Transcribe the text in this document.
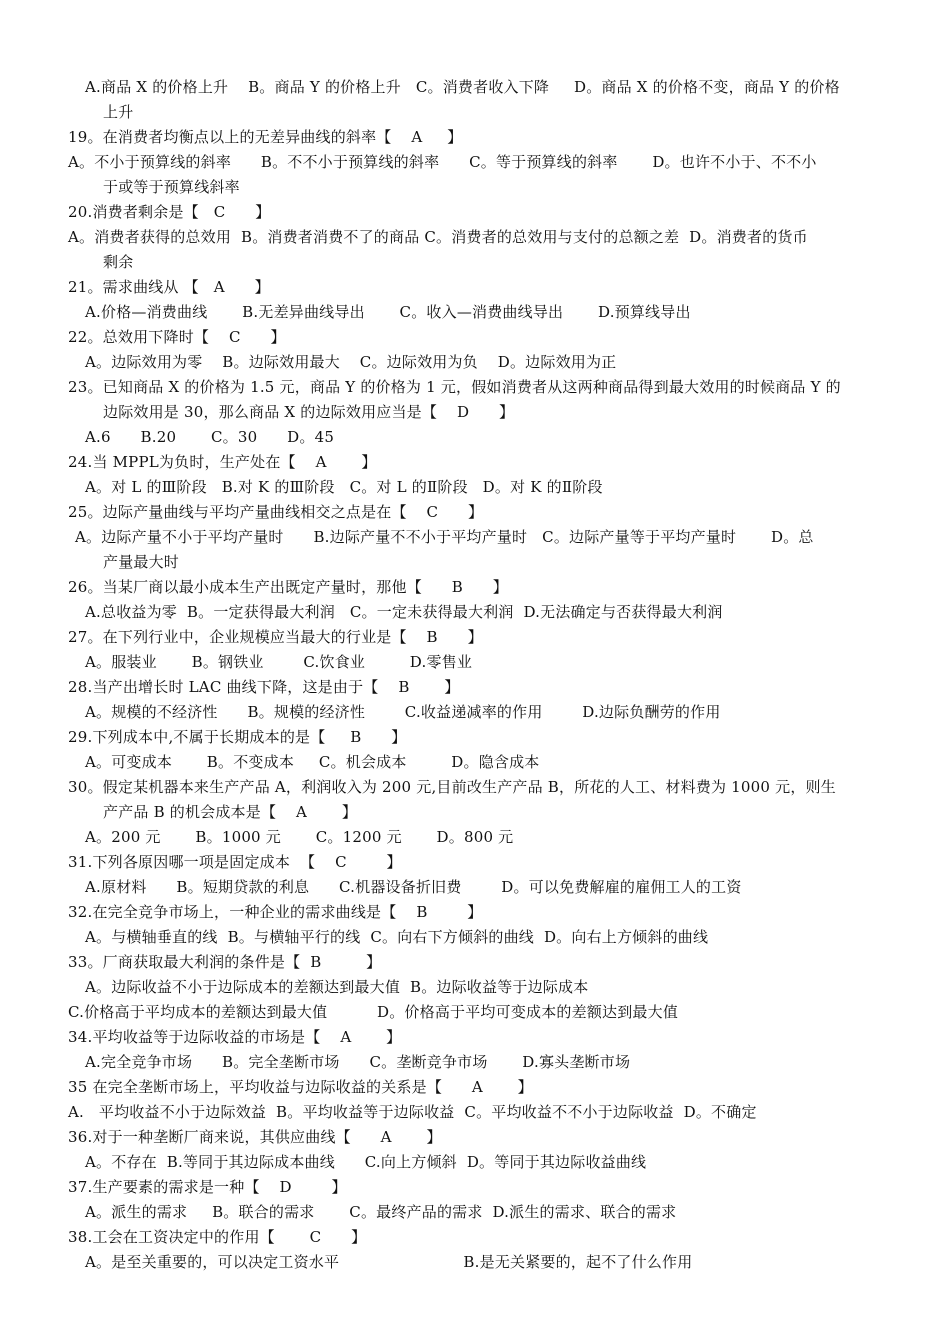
A.商品 X 的价格上升    B。商品 Y 的价格上升   C。消费者收入下降     D。商品 X 的价格不变，商品 Y 的价格
上升
19。在消费者均衡点以上的无差异曲线的斜率【    A     】
A。不小于预算线的斜率      B。不不小于预算线的斜率      C。等于预算线的斜率       D。也许不小于、不不小
于或等于预算线斜率
20.消费者剩余是【   C      】
A。消费者获得的总效用  B。消费者消费不了的商品 C。消费者的总效用与支付的总额之差  D。消费者的货币
剩余
21。需求曲线从 【   A      】
A.价格—消费曲线       B.无差异曲线导出       C。收入—消费曲线导出       D.预算线导出
22。总效用下降时【    C      】
A。边际效用为零    B。边际效用最大    C。边际效用为负    D。边际效用为正
23。已知商品 X 的价格为 1.5 元，商品 Y 的价格为 1 元，假如消费者从这两种商品得到最大效用的时候商品 Y 的
边际效用是 30，那么商品 X 的边际效用应当是【    D      】
A.6      B.20       C。30      D。45
24.当 MPPL为负时，生产处在【    A       】
A。对 L 的Ⅲ阶段   B.对 K 的Ⅲ阶段   C。对 L 的Ⅱ阶段   D。对 K 的Ⅱ阶段
25。边际产量曲线与平均产量曲线相交之点是在【    C      】
A。边际产量不小于平均产量时      B.边际产量不不小于平均产量时   C。边际产量等于平均产量时       D。总
产量最大时
26。当某厂商以最小成本生产出既定产量时，那他【      B      】
A.总收益为零  B。一定获得最大利润   C。一定未获得最大利润  D.无法确定与否获得最大利润
27。在下列行业中，企业规模应当最大的行业是【    B      】
A。服装业       B。钢铁业        C.饮食业         D.零售业
28.当产出增长时 LAC 曲线下降，这是由于【    B       】
A。规模的不经济性      B。规模的经济性        C.收益递减率的作用        D.边际负酬劳的作用
29.下列成本中,不属于长期成本的是【     B      】
A。可变成本       B。不变成本     C。机会成本         D。隐含成本
30。假定某机器本来生产产品 A，利润收入为 200 元,目前改生产产品 B，所花的人工、材料费为 1000 元，则生
产产品 B 的机会成本是【    A       】
A。200 元       B。1000 元       C。1200 元       D。800 元
31.下列各原因哪一项是固定成本  【    C        】
A.原材料      B。短期贷款的利息      C.机器设备折旧费        D。可以免费解雇的雇佣工人的工资
32.在完全竞争市场上，一种企业的需求曲线是【    B        】
A。与横轴垂直的线  B。与横轴平行的线  C。向右下方倾斜的曲线  D。向右上方倾斜的曲线
33。厂商获取最大利润的条件是【  B         】
A。边际收益不小于边际成本的差额达到最大值  B。边际收益等于边际成本
C.价格高于平均成本的差额达到最大值          D。价格高于平均可变成本的差额达到最大值
34.平均收益等于边际收益的市场是【    A       】
A.完全竞争市场      B。完全垄断市场      C。垄断竞争市场       D.寡头垄断市场
35 在完全垄断市场上，平均收益与边际收益的关系是【      A       】
A.   平均收益不小于边际效益  B。平均收益等于边际收益  C。平均收益不不小于边际收益  D。不确定
36.对于一种垄断厂商来说，其供应曲线【      A       】
A。不存在  B.等同于其边际成本曲线      C.向上方倾斜  D。等同于其边际收益曲线
37.生产要素的需求是一种【    D        】
A。派生的需求     B。联合的需求       C。最终产品的需求  D.派生的需求、联合的需求
38.工会在工资决定中的作用【       C      】
A。是至关重要的，可以决定工资水平                         B.是无关紧要的，起不了什么作用
